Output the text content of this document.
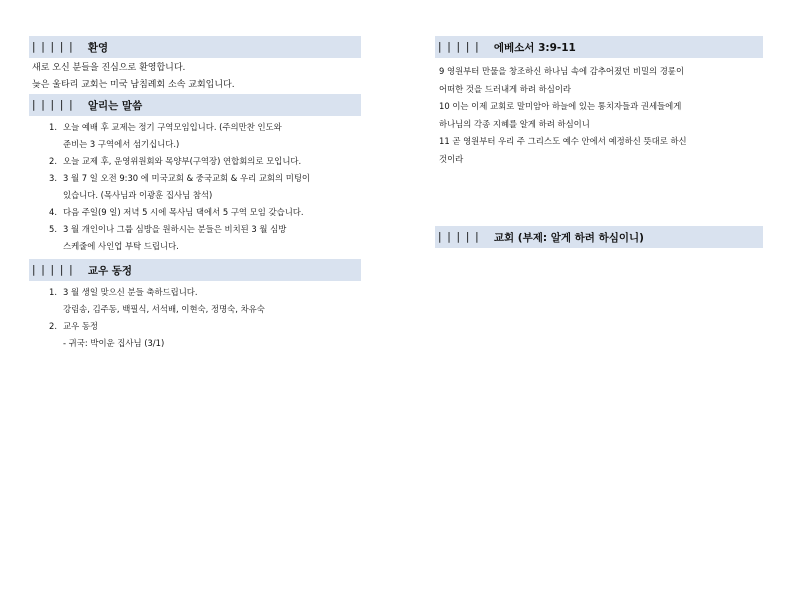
| | | | | 환영
새로 오신 분들을 진심으로 환영합니다.
늦은 울타리 교회는 미국 남침례회 소속 교회입니다.
| | | | | 알리는 말씀
1. 오늘 예배 후 교제는 정기 구역모임입니다. (주의만찬 인도와
준비는 3 구역에서 섬기십니다.)
2. 오늘 교제 후, 운영위원회와 목양부(구역장) 연합회의로 모입니다.
3. 3 월 7 일 오전 9:30 에 미국교회 & 중국교회 & 우리 교회의 미팅이
있습니다. (목사님과 이광훈 집사님 참석)
4. 다음 주일(9 일) 저녁 5 시에 목사님 댁에서 5 구역 모임 갖습니다.
5. 3 월 개인이나 그룹 심방을 원하시는 분들은 비치된 3 월 심방
스케줄에 사인업 부탁 드립니다.
| | | | | 교우 동정
1. 3 월 생일 맞으신 분들 축하드립니다.
강림송, 김주동, 백필식, 서석배, 이현숙, 정명숙, 차유숙
2. 교우 동정
- 귀국: 박이운 집사님 (3/1)
| | | | | 에베소서 3:9-11
9 영원부터 만물을 창조하신 하나님 속에 감추어졌던 비밀의 경륜이
어떠한 것을 드러내게 하려 하심이라
10 이는 이제 교회로 말미암아 하늘에 있는 통치자들과 권세들에게
하나님의 각종 지혜를 알게 하려 하심이니
11 곧 영원부터 우리 주 그리스도 예수 안에서 예정하신 뜻대로 하신
것이라
| | | | | 교회 (부제: 알게 하려 하심이니)
